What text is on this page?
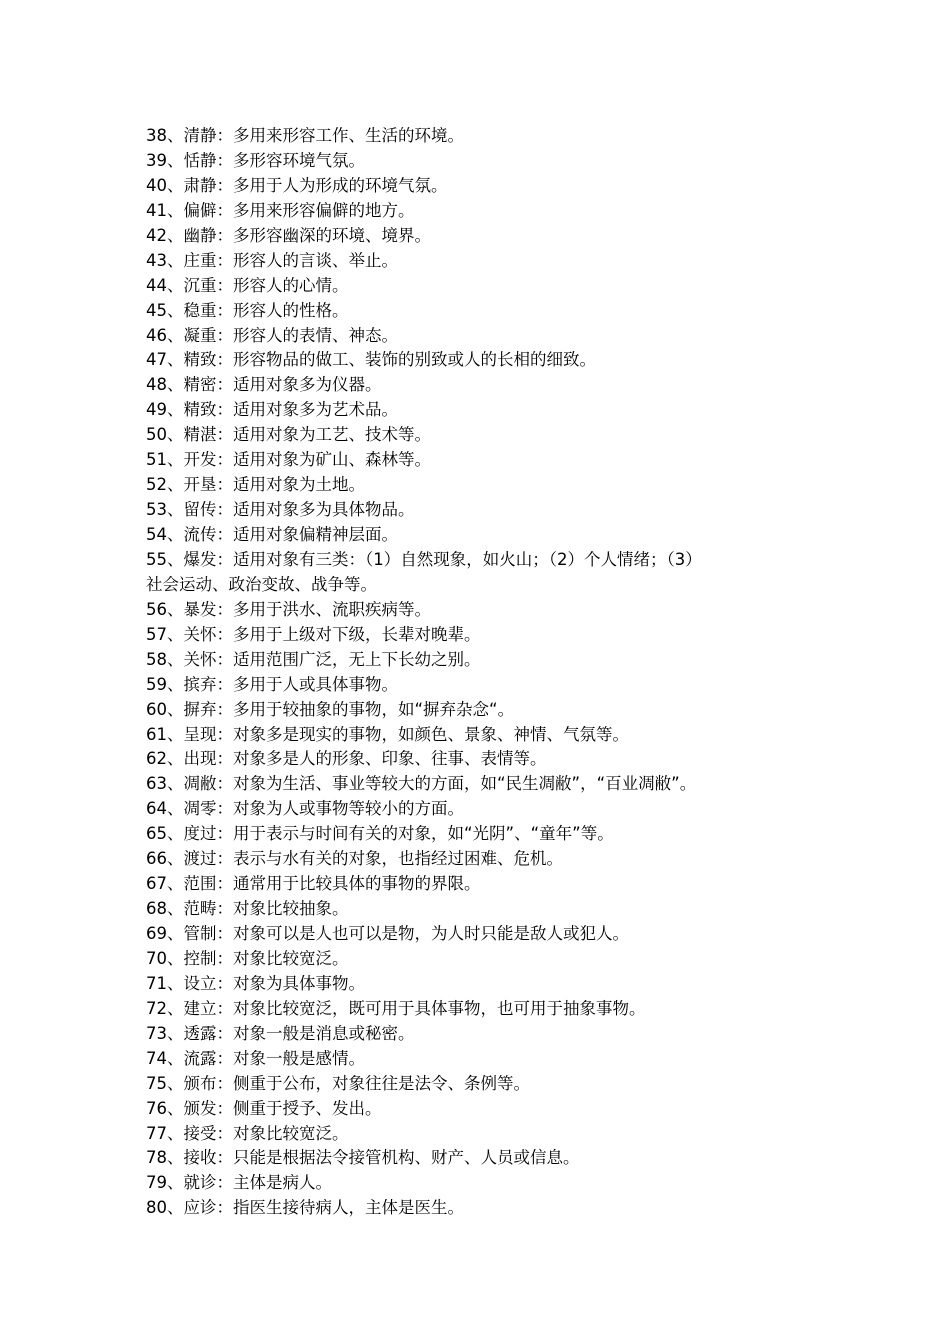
38、清静：多用来形容工作、生活的环境。
39、恬静：多形容环境气氛。
40、肃静：多用于人为形成的环境气氛。
41、偏僻：多用来形容偏僻的地方。
42、幽静：多形容幽深的环境、境界。
43、庄重：形容人的言谈、举止。
44、沉重：形容人的心情。
45、稳重：形容人的性格。
46、凝重：形容人的表情、神态。
47、精致：形容物品的做工、装饰的别致或人的长相的细致。
48、精密：适用对象多为仪器。
49、精致：适用对象多为艺术品。
50、精湛：适用对象为工艺、技术等。
51、开发：适用对象为矿山、森林等。
52、开垦：适用对象为土地。
53、留传：适用对象多为具体物品。
54、流传：适用对象偏精神层面。
55、爆发：适用对象有三类：（1）自然现象，如火山；（2）个人情绪；（3）
社会运动、政治变故、战争等。
56、暴发：多用于洪水、流职疾病等。
57、关怀：多用于上级对下级，长辈对晚辈。
58、关怀：适用范围广泛，无上下长幼之别。
59、摈弃：多用于人或具体事物。
60、摒弃：多用于较抽象的事物，如“摒弃杂念“。
61、呈现：对象多是现实的事物，如颜色、景象、神情、气氛等。
62、出现：对象多是人的形象、印象、往事、表情等。
63、凋敝：对象为生活、事业等较大的方面，如“民生凋敝”，“百业凋敝”。
64、凋零：对象为人或事物等较小的方面。
65、度过：用于表示与时间有关的对象，如“光阴”、“童年”等。
66、渡过：表示与水有关的对象，也指经过困难、危机。
67、范围：通常用于比较具体的事物的界限。
68、范畴：对象比较抽象。
69、管制：对象可以是人也可以是物，为人时只能是敌人或犯人。
70、控制：对象比较宽泛。
71、设立：对象为具体事物。
72、建立：对象比较宽泛，既可用于具体事物，也可用于抽象事物。
73、透露：对象一般是消息或秘密。
74、流露：对象一般是感情。
75、颁布：侧重于公布，对象往往是法令、条例等。
76、颁发：侧重于授予、发出。
77、接受：对象比较宽泛。
78、接收：只能是根据法令接管机构、财产、人员或信息。
79、就诊：主体是病人。
80、应诊：指医生接待病人，主体是医生。
